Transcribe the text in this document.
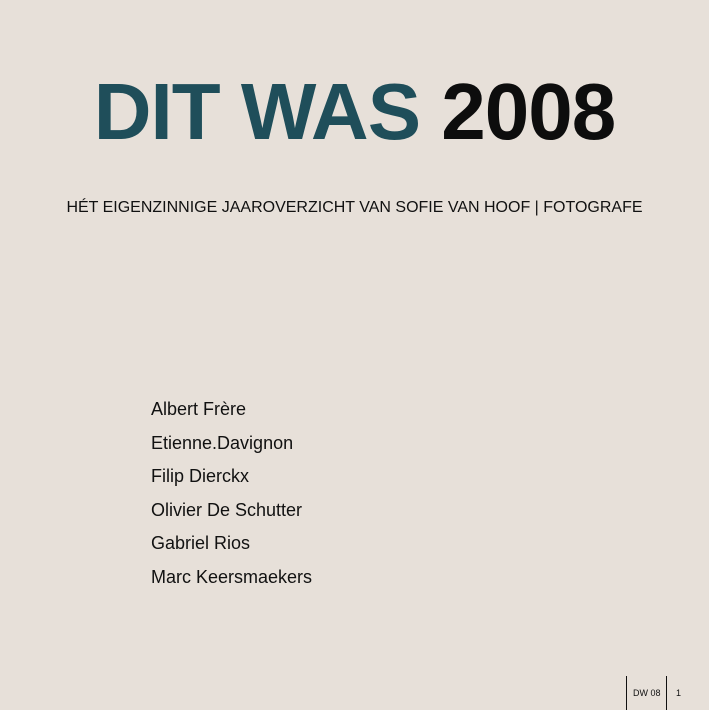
DIT WAS 2008
HÉT EIGENZINNIGE JAAROVERZICHT VAN SOFIE VAN HOOF | FOTOGRAFE
Albert Frère
Etienne.Davignon
Filip Dierckx
Olivier De Schutter
Gabriel Rios
Marc Keersmaekers
DW 08 1
